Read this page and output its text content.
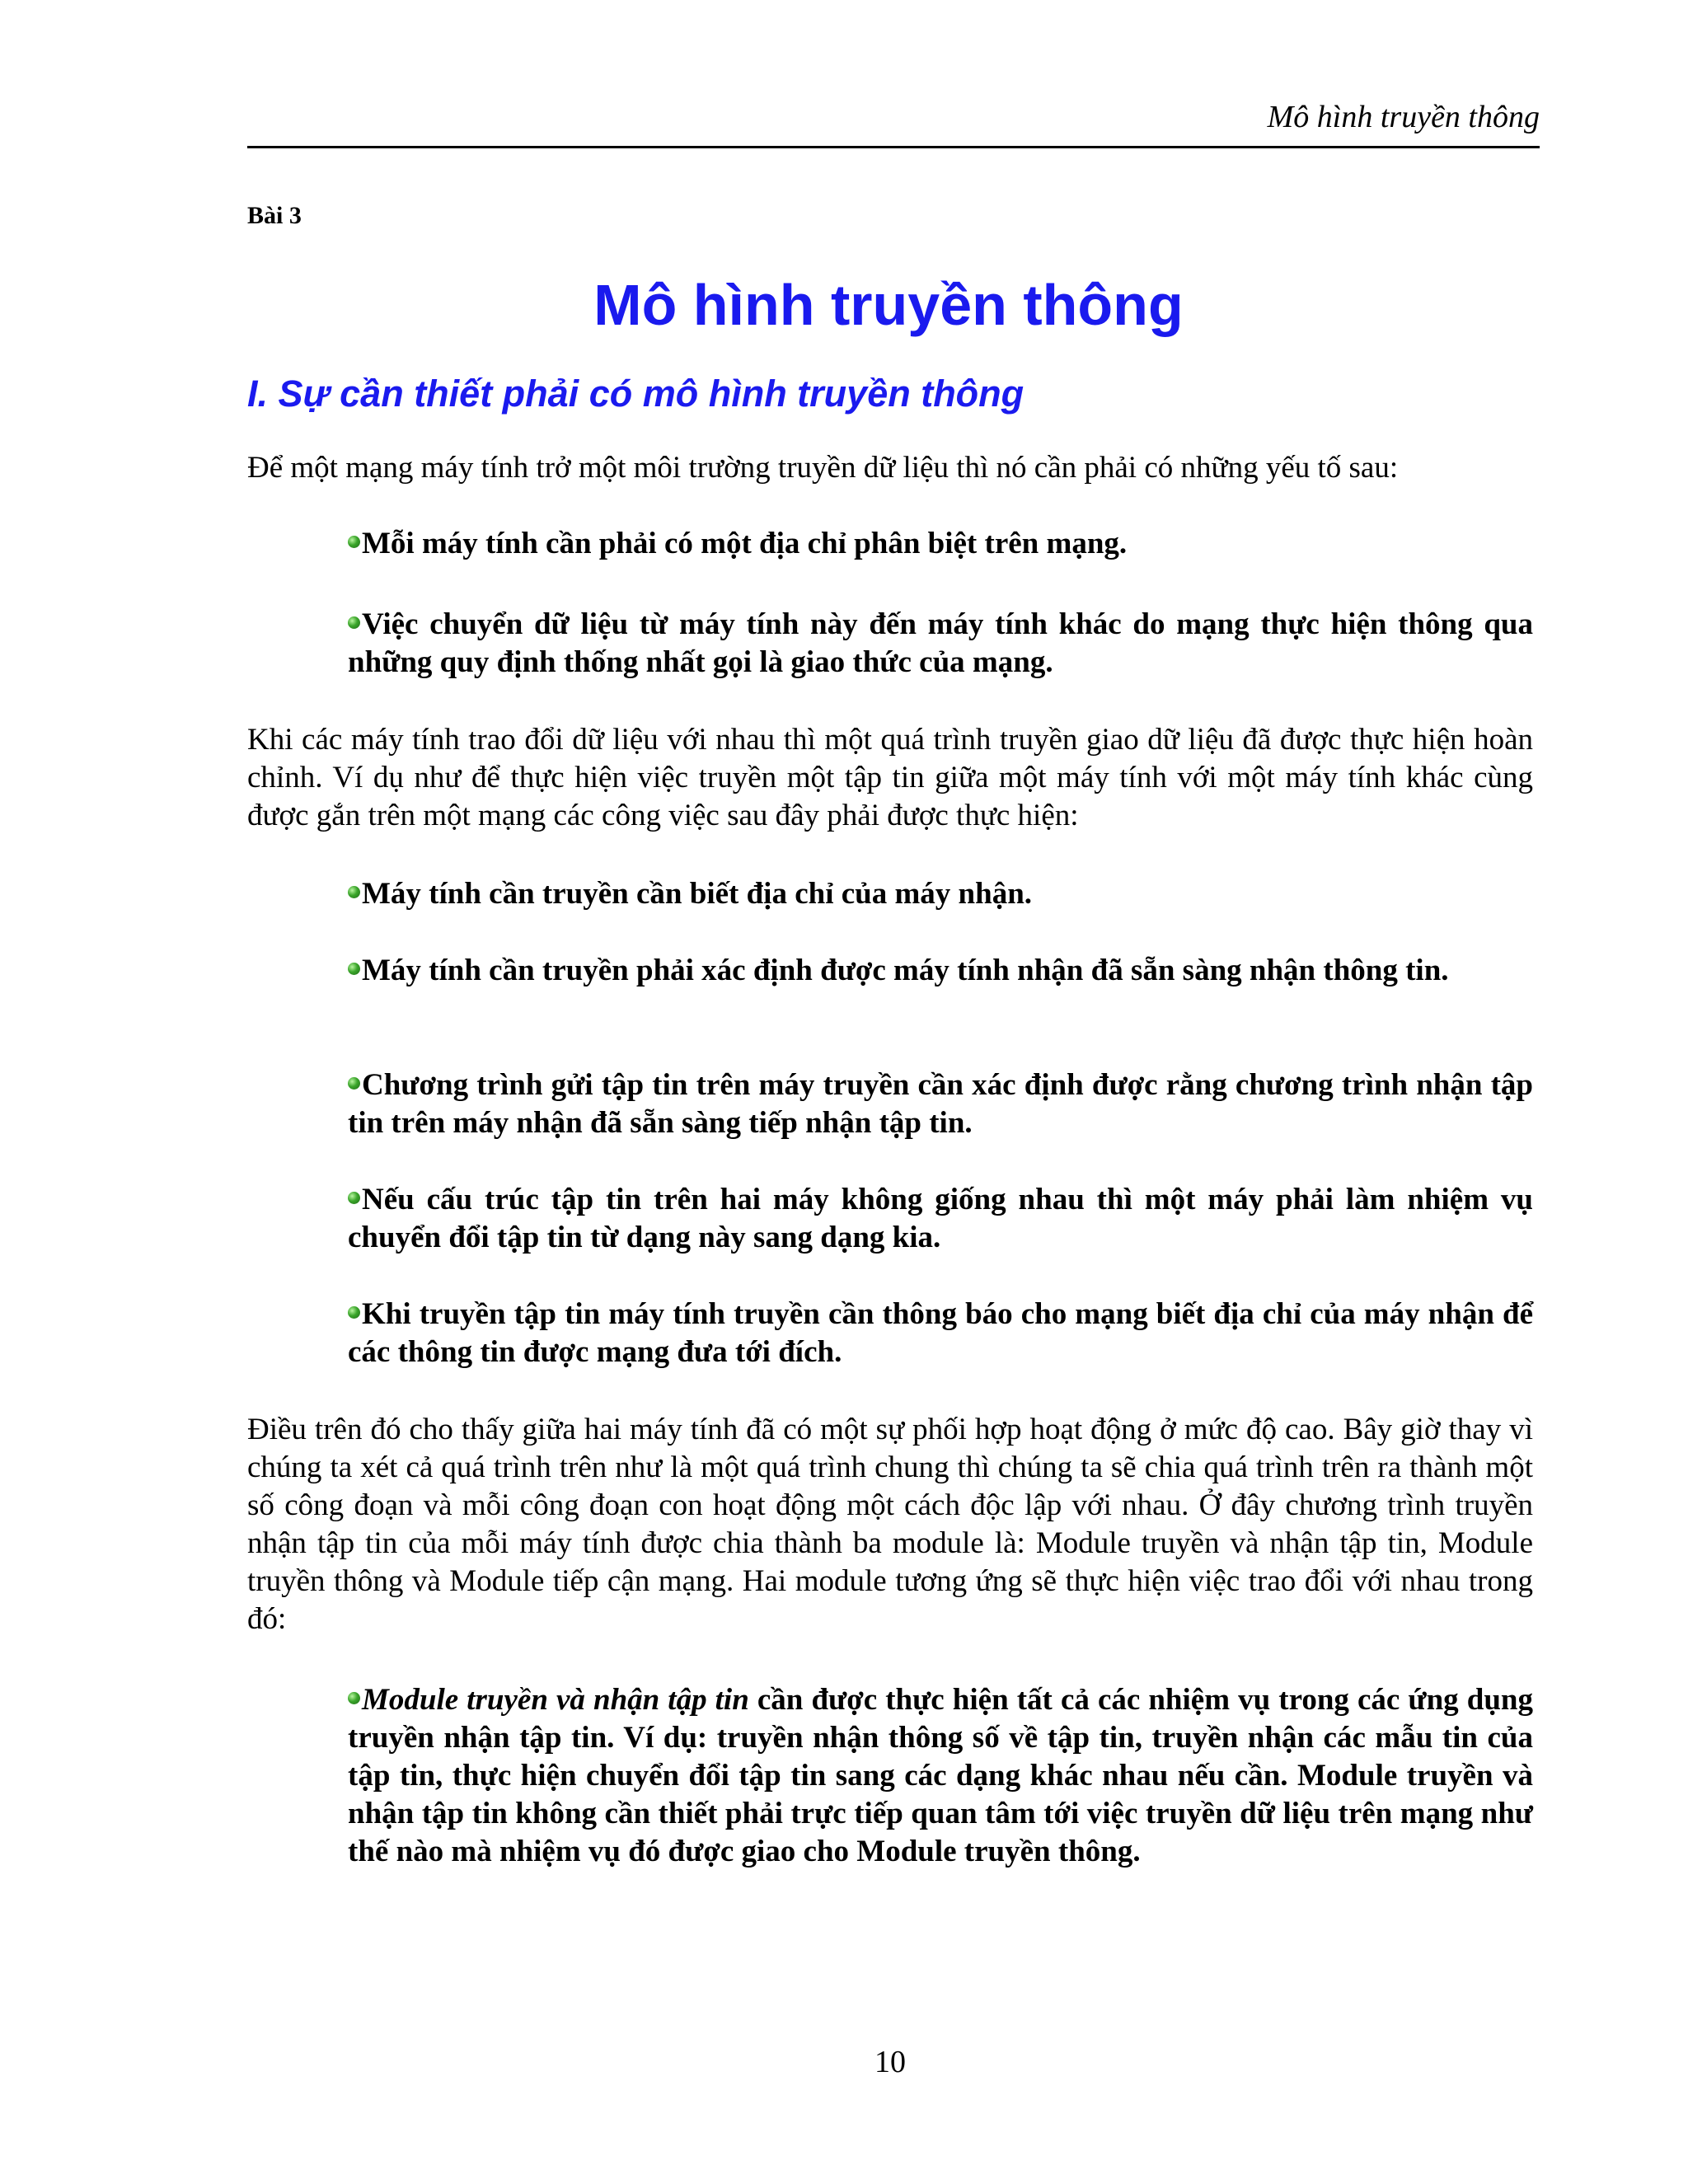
Mô hình truyền thông
Bài 3
Mô hình truyền thông
I. Sự cần thiết phải có mô hình truyền thông
Để một mạng máy tính trở một môi trường truyền dữ liệu thì nó cần phải có những yếu tố sau:
Mỗi máy tính cần phải có một địa chỉ phân biệt trên mạng.
Việc chuyển dữ liệu từ máy tính này đến máy tính khác do mạng thực hiện thông qua những quy định thống nhất gọi là giao thức của mạng.
Khi các máy tính trao đổi dữ liệu với nhau thì một quá trình truyền giao dữ liệu đã được thực hiện hoàn chỉnh. Ví dụ như để thực hiện việc truyền một tập tin giữa một máy tính với một máy tính khác cùng được gắn trên một mạng các công việc sau đây phải được thực hiện:
Máy tính cần truyền cần biết địa chỉ của máy nhận.
Máy tính cần truyền phải xác định được máy tính nhận đã sẵn sàng nhận thông tin.
Chương trình gửi tập tin trên máy truyền cần xác định được rằng chương trình nhận tập tin trên máy nhận đã sẵn sàng tiếp nhận tập tin.
Nếu cấu trúc tập tin trên hai máy không giống nhau thì một máy phải làm nhiệm vụ chuyển đổi tập tin từ dạng này sang dạng kia.
Khi truyền tập tin máy tính truyền cần thông báo cho mạng biết địa chỉ của máy nhận để các thông tin được mạng đưa tới đích.
Điều trên đó cho thấy giữa hai máy tính đã có một sự phối hợp hoạt động ở mức độ cao. Bây giờ thay vì chúng ta xét cả quá trình trên như là một quá trình chung thì chúng ta sẽ chia quá trình trên ra thành một số công đoạn và mỗi công đoạn con hoạt động một cách độc lập với nhau. Ở đây chương trình truyền nhận tập tin của mỗi máy tính được chia thành ba module là: Module truyền và nhận tập tin, Module truyền thông và Module tiếp cận mạng. Hai module tương ứng sẽ thực hiện việc trao đổi với nhau trong đó:
Module truyền và nhận tập tin cần được thực hiện tất cả các nhiệm vụ trong các ứng dụng truyền nhận tập tin. Ví dụ: truyền nhận thông số về tập tin, truyền nhận các mẫu tin của tập tin, thực hiện chuyển đổi tập tin sang các dạng khác nhau nếu cần. Module truyền và nhận tập tin không cần thiết phải trực tiếp quan tâm tới việc truyền dữ liệu trên mạng như thế nào mà nhiệm vụ đó được giao cho Module truyền thông.
10
